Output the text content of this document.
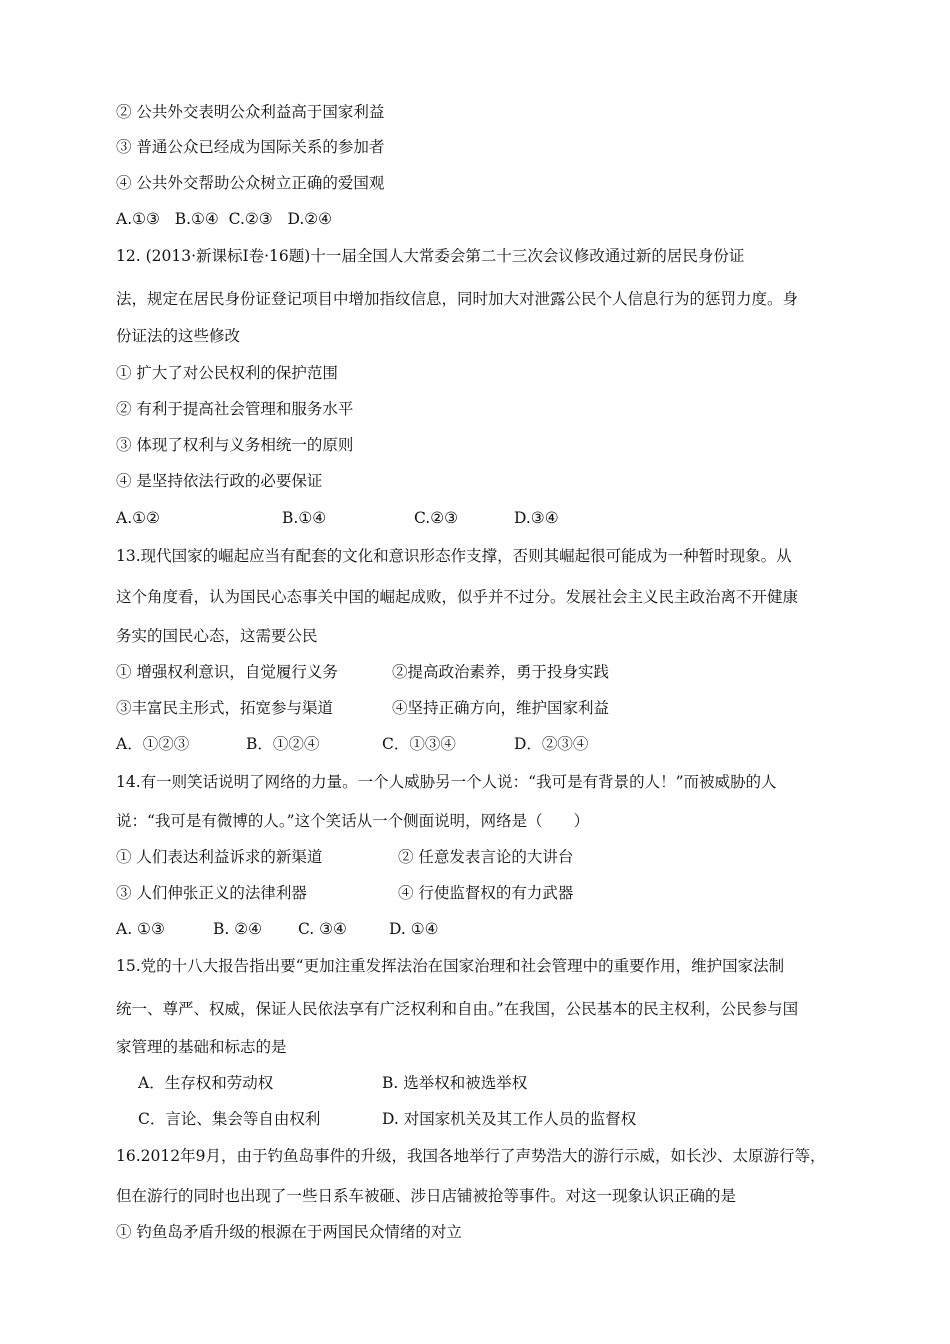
② 公共外交表明公众利益高于国家利益
③ 普通公众已经成为国际关系的参加者
④ 公共外交帮助公众树立正确的爱国观
A.①③   B.①④  C.②③   D.②④
12. (2013·新课标Ⅰ卷·16题)十一届全国人大常委会第二十三次会议修改通过新的居民身份证
法，规定在居民身份证登记项目中增加指纹信息，同时加大对泄露公民个人信息行为的惩罚力度。身
份证法的这些修改
① 扩大了对公民权利的保护范围
② 有利于提高社会管理和服务水平
③ 体现了权利与义务相统一的原则
④ 是坚持依法行政的必要保证
A.①②	B.①④	C.②③	D.③④
13.现代国家的崛起应当有配套的文化和意识形态作支撑，否则其崛起很可能成为一种暂时现象。从
这个角度看，认为国民心态事关中国的崛起成败，似乎并不过分。发展社会主义民主政治离不开健康
务实的国民心态，这需要公民
① 增强权利意识，自觉履行义务	②提高政治素养，勇于投身实践
③丰富民主形式，拓宽参与渠道	④坚持正确方向，维护国家利益
A．①②③	B．①②④	C．①③④	D．②③④
14.有一则笑话说明了网络的力量。一个人威胁另一个人说：“我可是有背景的人！”而被威胁的人
说：“我可是有微博的人。”这个笑话从一个侧面说明，网络是（　　）
① 人们表达利益诉求的新渠道	② 任意发表言论的大讲台
③ 人们伸张正义的法律利器	④ 行使监督权的有力武器
A. ①③	B. ②④ C. ③④	D. ①④
15.党的十八大报告指出要“更加注重发挥法治在国家治理和社会管理中的重要作用，维护国家法制
统一、尊严、权威，保证人民依法享有广泛权利和自由。”在我国，公民基本的民主权利，公民参与国
家管理的基础和标志的是
A．生存权和劳动权	B. 选举权和被选举权
C．言论、集会等自由权利	D. 对国家机关及其工作人员的监督权
16.2012年9月，由于钓鱼岛事件的升级，我国各地举行了声势浩大的游行示威，如长沙、太原游行等，
但在游行的同时也出现了一些日系车被砸、涉日店铺被抢等事件。对这一现象认识正确的是
① 钓鱼岛矛盾升级的根源在于两国民众情绪的对立
